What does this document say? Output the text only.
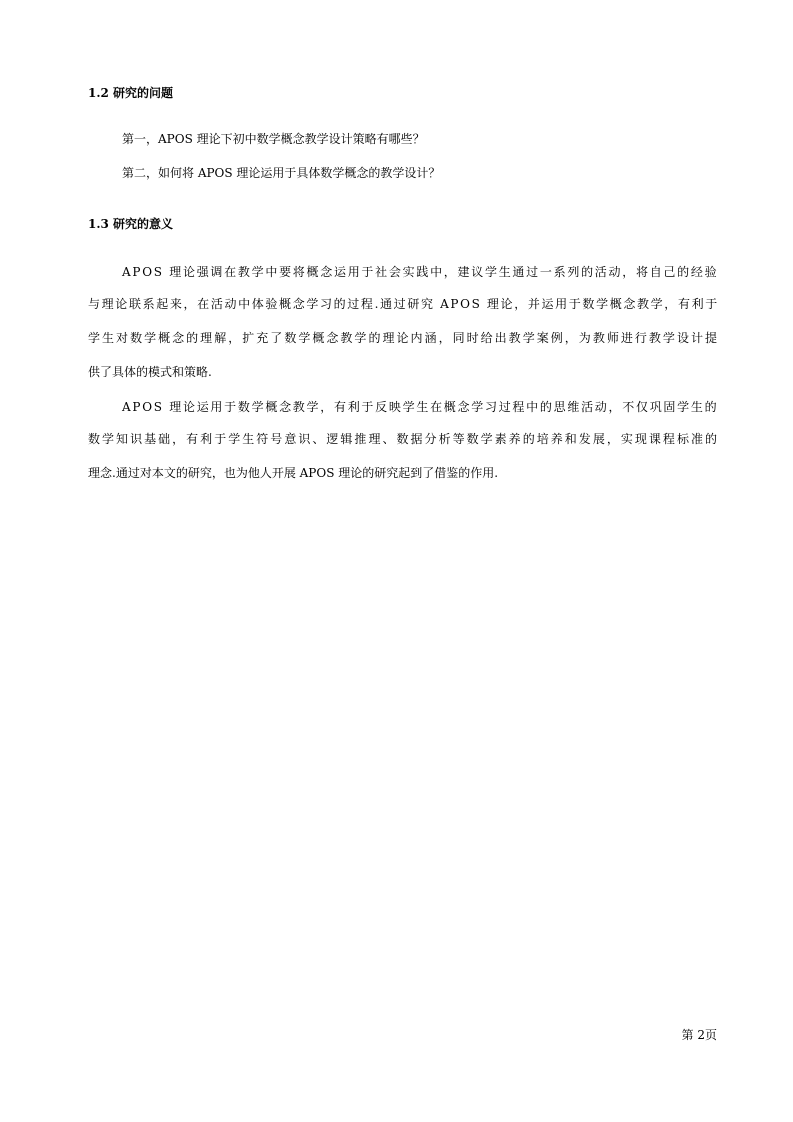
1.2 研究的问题
第一，APOS 理论下初中数学概念教学设计策略有哪些？
第二，如何将 APOS 理论运用于具体数学概念的教学设计？
1.3 研究的意义
APOS 理论强调在教学中要将概念运用于社会实践中，建议学生通过一系列的活动，将自己的经验
与理论联系起来，在活动中体验概念学习的过程.通过研究 APOS 理论，并运用于数学概念教学，有利于
学生对数学概念的理解，扩充了数学概念教学的理论内涵，同时给出教学案例，为教师进行教学设计提
供了具体的模式和策略.
APOS 理论运用于数学概念教学，有利于反映学生在概念学习过程中的思维活动，不仅巩固学生的
数学知识基础，有利于学生符号意识、逻辑推理、数据分析等数学素养的培养和发展，实现课程标准的
理念.通过对本文的研究，也为他人开展 APOS 理论的研究起到了借鉴的作用.
第 2页
